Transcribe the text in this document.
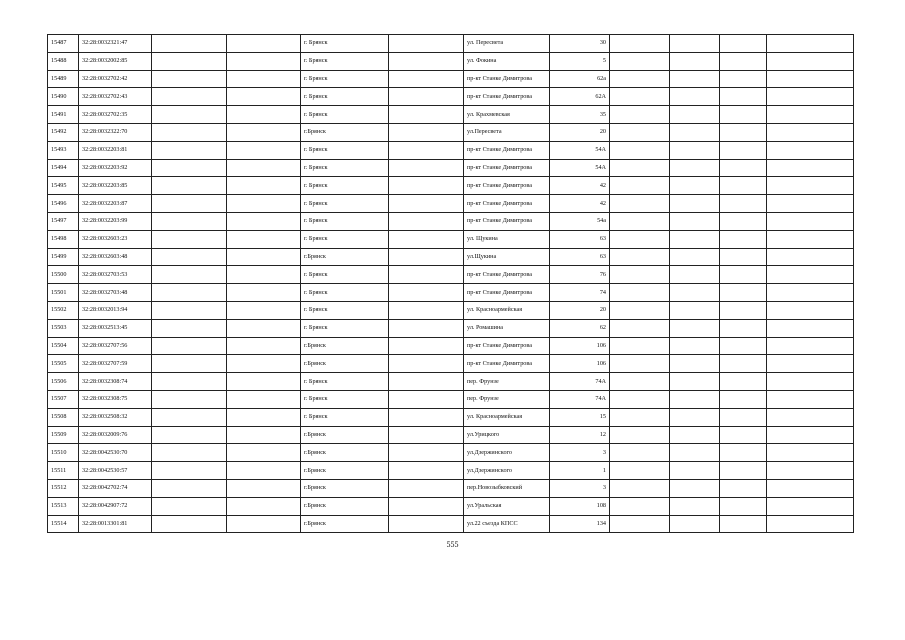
15487	32:28:0032321:47			г. Брянск		ул. Пересвета	30				
15488	32:28:0032002:85			г. Брянск		ул. Фокина	5				
15489	32:28:0032702:42			г. Брянск		пр-кт Станке Димитрова	62а				
15490	32:28:0032702:43			г. Брянск		пр-кт Станке Димитрова	62А				
15491	32:28:0032702:35			г. Брянск		ул. Крахмевская	35				
15492	32:28:0032322:70			г.Брянск		ул.Пересвета	20				
15493	32:28:0032203:81			г. Брянск		пр-кт Станке Димитрова	54А				
15494	32:28:0032203:92			г. Брянск		пр-кт Станке Димитрова	54А				
15495	32:28:0032203:85			г. Брянск		пр-кт Станке Димитрова	42				
15496	32:28:0032203:87			г. Брянск		пр-кт Станке Димитрова	42				
15497	32:28:0032203:99			г. Брянск		пр-кт Станке Димитрова	54а				
15498	32:28:0032603:23			г. Брянск		ул. Щукина	63				
15499	32:28:0032603:48			г.Брянск		ул.Щукина	63				
15500	32:28:0032703:53			г. Брянск		пр-кт Станке Димитрова	76				
15501	32:28:0032703:48			г. Брянск		пр-кт Станке Димитрова	74				
15502	32:28:0032013:94			г. Брянск		ул. Красноармейская	20				
15503	32:28:0032513:45			г. Брянск		ул. Ромашина	62				
15504	32:28:0032707:56			г.Брянск		пр-кт Станке Димитрова	106				
15505	32:28:0032707:59			г.Брянск		пр-кт Станке Димитрова	106				
15506	32:28:0032308:74			г. Брянск		пер. Фрунзе	74А				
15507	32:28:0032308:75			г. Брянск		пер. Фрунзе	74А				
15508	32:28:0032508:32			г. Брянск		ул. Красноармейская	15				
15509	32:28:0032009:76			г.Брянск		ул.Урицкого	12				
15510	32:28:0042530:70			г.Брянск		ул.Дзержинского	3				
15511	32:28:0042530:57			г.Брянск		ул.Дзержинского	1				
15512	32:28:0042702:74			г.Брянск		пер.Новозыбковский	3				
15513	32:28:0042907:72			г.Брянск		ул.Уральская	108				
15514	32:28:0013301:81			г.Брянск		ул.22 съезда КПСС	134				
555
